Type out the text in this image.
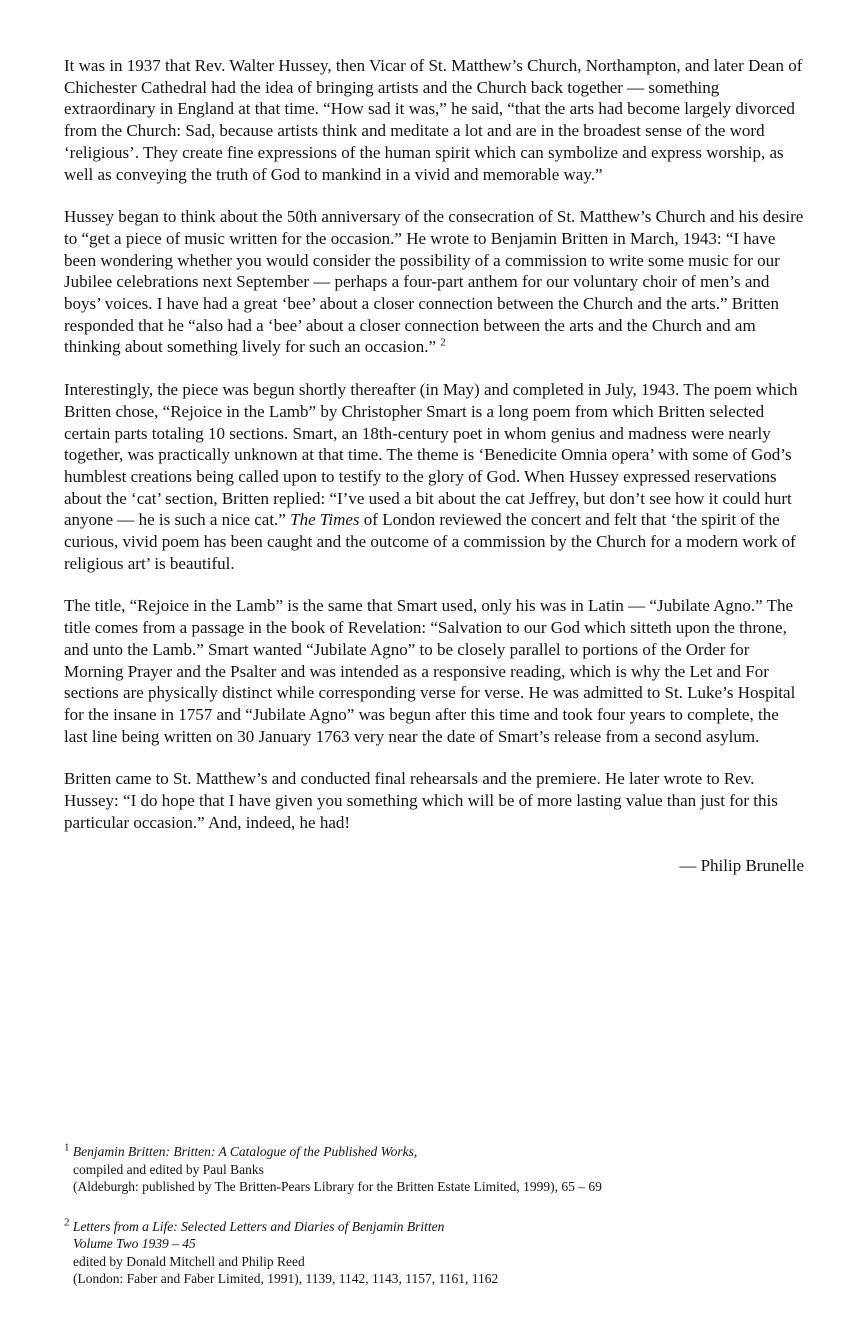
It was in 1937 that Rev. Walter Hussey, then Vicar of St. Matthew’s Church, Northampton, and later Dean of Chichester Cathedral had the idea of bringing artists and the Church back together — something extraordinary in England at that time. “How sad it was,” he said, “that the arts had become largely divorced from the Church: Sad, because artists think and meditate a lot and are in the broadest sense of the word ‘religious’. They create fine expressions of the human spirit which can symbolize and express worship, as well as conveying the truth of God to mankind in a vivid and memorable way.”

Hussey began to think about the 50th anniversary of the consecration of St. Matthew’s Church and his desire to “get a piece of music written for the occasion.” He wrote to Benjamin Britten in March, 1943: “I have been wondering whether you would consider the possibility of a commission to write some music for our Jubilee celebrations next September — perhaps a four-part anthem for our voluntary choir of men’s and boys’ voices. I have had a great ‘bee’ about a closer connection between the Church and the arts.” Britten responded that he “also had a ‘bee’ about a closer connection between the arts and the Church and am thinking about something lively for such an occasion.” $^2$

Interestingly, the piece was begun shortly thereafter (in May) and completed in July, 1943. The poem which Britten chose, “Rejoice in the Lamb” by Christopher Smart is a long poem from which Britten selected certain parts totaling 10 sections. Smart, an 18th-century poet in whom genius and madness were nearly together, was practically unknown at that time. The theme is ‘Benedicite Omnia opera’ with some of God’s humblest creations being called upon to testify to the glory of God. When Hussey expressed reservations about the ‘cat’ section, Britten replied: “I’ve used a bit about the cat Jeffrey, but don’t see how it could hurt anyone — he is such a nice cat.” The Times of London reviewed the concert and felt that ‘the spirit of the curious, vivid poem has been caught and the outcome of a commission by the Church for a modern work of religious art’ is beautiful.

The title, “Rejoice in the Lamb” is the same that Smart used, only his was in Latin — “Jubilate Agno.” The title comes from a passage in the book of Revelation: “Salvation to our God which sitteth upon the throne, and unto the Lamb.” Smart wanted “Jubilate Agno” to be closely parallel to portions of the Order for Morning Prayer and the Psalter and was intended as a responsive reading, which is why the Let and For sections are physically distinct while corresponding verse for verse. He was admitted to St. Luke’s Hospital for the insane in 1757 and “Jubilate Agno” was begun after this time and took four years to complete, the last line being written on 30 January 1763 very near the date of Smart’s release from a second asylum.

Britten came to St. Matthew’s and conducted final rehearsals and the premiere. He later wrote to Rev. Hussey: “I do hope that I have given you something which will be of more lasting value than just for this particular occasion.” And, indeed, he had!

— Philip Brunelle

$^1$ Benjamin Britten: Britten: A Catalogue of the Published Works,
compiled and edited by Paul Banks
(Aldeburgh: published by The Britten-Pears Library for the Britten Estate Limited, 1999), 65 – 69
$^2$ Letters from a Life: Selected Letters and Diaries of Benjamin Britten
Volume Two 1939 – 45
edited by Donald Mitchell and Philip Reed
(London: Faber and Faber Limited, 1991), 1139, 1142, 1143, 1157, 1161, 1162
